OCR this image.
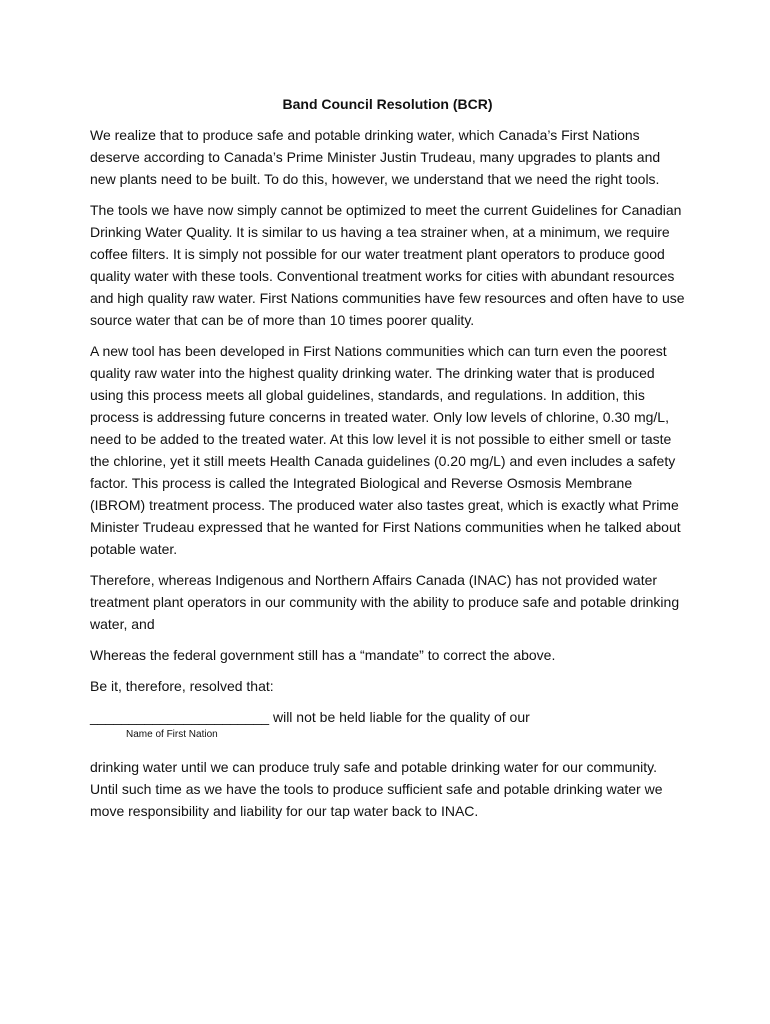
Band Council Resolution (BCR)

We realize that to produce safe and potable drinking water, which Canada’s First Nations deserve according to Canada’s Prime Minister Justin Trudeau, many upgrades to plants and new plants need to be built. To do this, however, we understand that we need the right tools.

The tools we have now simply cannot be optimized to meet the current Guidelines for Canadian Drinking Water Quality. It is similar to us having a tea strainer when, at a minimum, we require coffee filters. It is simply not possible for our water treatment plant operators to produce good quality water with these tools. Conventional treatment works for cities with abundant resources and high quality raw water. First Nations communities have few resources and often have to use source water that can be of more than 10 times poorer quality.

A new tool has been developed in First Nations communities which can turn even the poorest quality raw water into the highest quality drinking water. The drinking water that is produced using this process meets all global guidelines, standards, and regulations. In addition, this process is addressing future concerns in treated water. Only low levels of chlorine, 0.30 mg/L, need to be added to the treated water. At this low level it is not possible to either smell or taste the chlorine, yet it still meets Health Canada guidelines (0.20 mg/L) and even includes a safety factor. This process is called the Integrated Biological and Reverse Osmosis Membrane (IBROM) treatment process. The produced water also tastes great, which is exactly what Prime Minister Trudeau expressed that he wanted for First Nations communities when he talked about potable water.

Therefore, whereas Indigenous and Northern Affairs Canada (INAC) has not provided water treatment plant operators in our community with the ability to produce safe and potable drinking water, and

Whereas the federal government still has a “mandate” to correct the above.

Be it, therefore, resolved that:

_______________________ will not be held liable for the quality of our

Name of First Nation

drinking water until we can produce truly safe and potable drinking water for our community. Until such time as we have the tools to produce sufficient safe and potable drinking water we move responsibility and liability for our tap water back to INAC.
